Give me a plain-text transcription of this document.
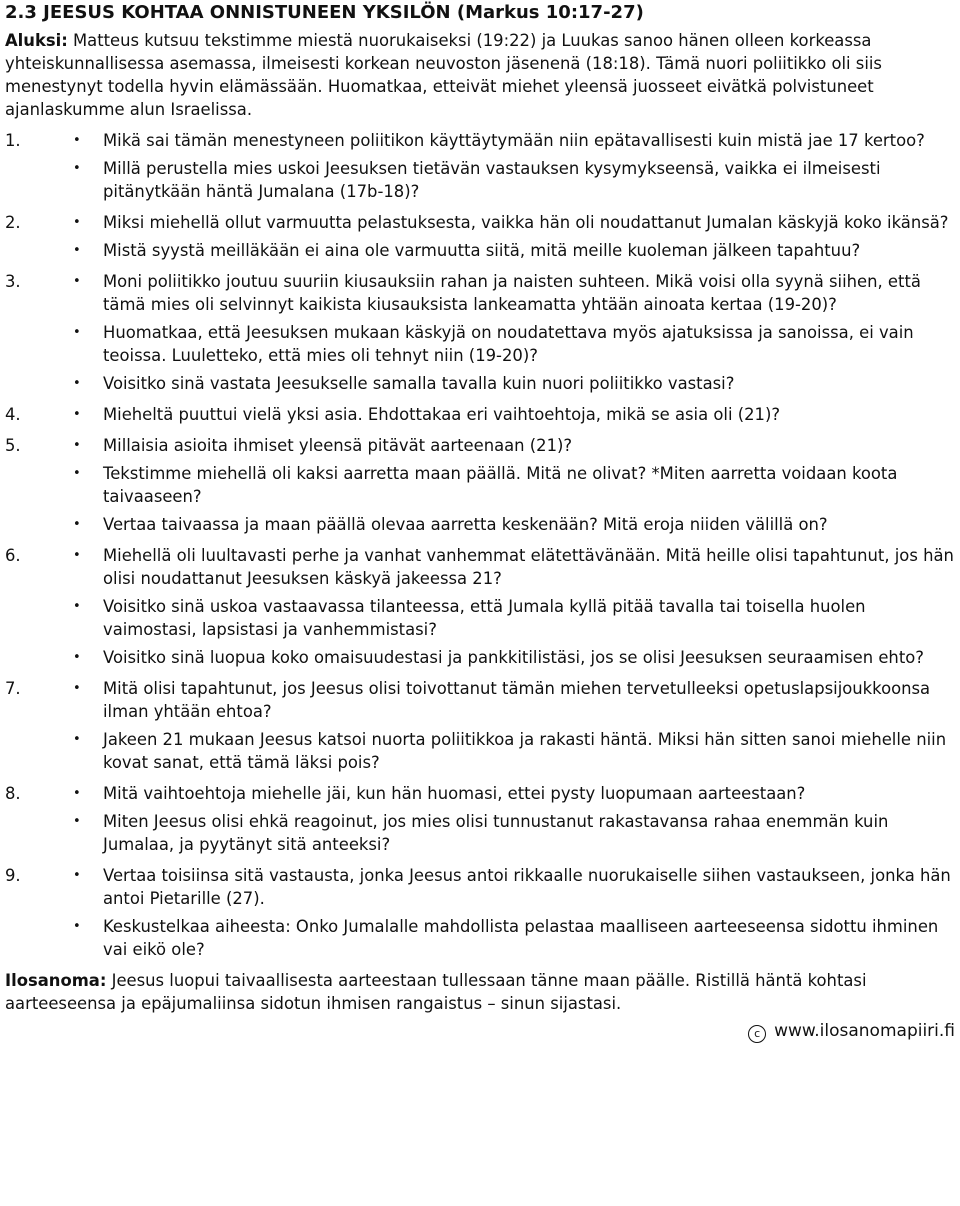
2.3 JEESUS KOHTAA ONNISTUNEEN YKSILÖN (Markus 10:17-27)
Aluksi: Matteus kutsuu tekstimme miestä nuorukaiseksi (19:22) ja Luukas sanoo hänen olleen korkeassa yhteiskunnallisessa asemassa, ilmeisesti korkean neuvoston jäsenenä (18:18). Tämä nuori poliitikko oli siis menestynyt todella hyvin elämässään. Huomatkaa, etteivät miehet yleensä juosseet eivätkä polvistuneet ajanlaskumme alun Israelissa.
1.	• Mikä sai tämän menestyneen poliitikon käyttäytymään niin epätavallisesti kuin mistä jae 17 kertoo?
• Millä perustella mies uskoi Jeesuksen tietävän vastauksen kysymykseensä, vaikka ei ilmeisesti pitänytkään häntä Jumalana (17b-18)?
2.	• Miksi miehellä ollut varmuutta pelastuksesta, vaikka hän oli noudattanut Jumalan käskyjä koko ikänsä?
• Mistä syystä meilläkään ei aina ole varmuutta siitä, mitä meille kuoleman jälkeen tapahtuu?
3.	• Moni poliitikko joutuu suuriin kiusauksiin rahan ja naisten suhteen. Mikä voisi olla syynä siihen, että tämä mies oli selvinnyt kaikista kiusauksista lankeamatta yhtään ainoata kertaa (19-20)?
• Huomatkaa, että Jeesuksen mukaan käskyjä on noudatettava myös ajatuksissa ja sanoissa, ei vain teoissa. Luuletteko, että mies oli tehnyt niin (19-20)?
• Voisitko sinä vastata Jeesukselle samalla tavalla kuin nuori poliitikko vastasi?
4.	• Mieheltä puuttui vielä yksi asia. Ehdottakaa eri vaihtoehtoja, mikä se asia oli (21)?
5.	• Millaisia asioita ihmiset yleensä pitävät aarteenaan (21)?
• Tekstimme miehellä oli kaksi aarretta maan päällä. Mitä ne olivat? *Miten aarretta voidaan koota taivaaseen?
• Vertaa taivaassa ja maan päällä olevaa aarretta keskenään? Mitä eroja niiden välillä on?
6.	• Miehellä oli luultavasti perhe ja vanhat vanhemmat elätettävänään. Mitä heille olisi tapahtunut, jos hän olisi noudattanut Jeesuksen käskyä jakeessa 21?
• Voisitko sinä uskoa vastaavassa tilanteessa, että Jumala kyllä pitää tavalla tai toisella huolen vaimostasi, lapsistasi ja vanhemmistasi?
• Voisitko sinä luopua koko omaisuudestasi ja pankkitilistäsi, jos se olisi Jeesuksen seuraamisen ehto?
7.	• Mitä olisi tapahtunut, jos Jeesus olisi toivottanut tämän miehen tervetulleeksi opetuslapsijoukkoonsa ilman yhtään ehtoa?
• Jakeen 21 mukaan Jeesus katsoi nuorta poliitikkoa ja rakasti häntä. Miksi hän sitten sanoi miehelle niin kovat sanat, että tämä läksi pois?
8.	• Mitä vaihtoehtoja miehelle jäi, kun hän huomasi, ettei pysty luopumaan aarteestaan?
• Miten Jeesus olisi ehkä reagoinut, jos mies olisi tunnustanut rakastavansa rahaa enemmän kuin Jumalaa, ja pyytänyt sitä anteeksi?
9.	• Vertaa toisiinsa sitä vastausta, jonka Jeesus antoi rikkaalle nuorukaiselle siihen vastaukseen, jonka hän antoi Pietarille (27).
• Keskustelkaa aiheesta: Onko Jumalalle mahdollista pelastaa maalliseen aarteeseensa sidottu ihminen vai eikö ole?
Ilosanoma: Jeesus luopui taivaallisesta aarteestaan tullessaan tänne maan päälle. Ristillä häntä kohtasi aarteeseensa ja epäjumaliinsa sidotun ihmisen rangaistus – sinun sijastasi.
c www.ilosanomapiiri.fi
